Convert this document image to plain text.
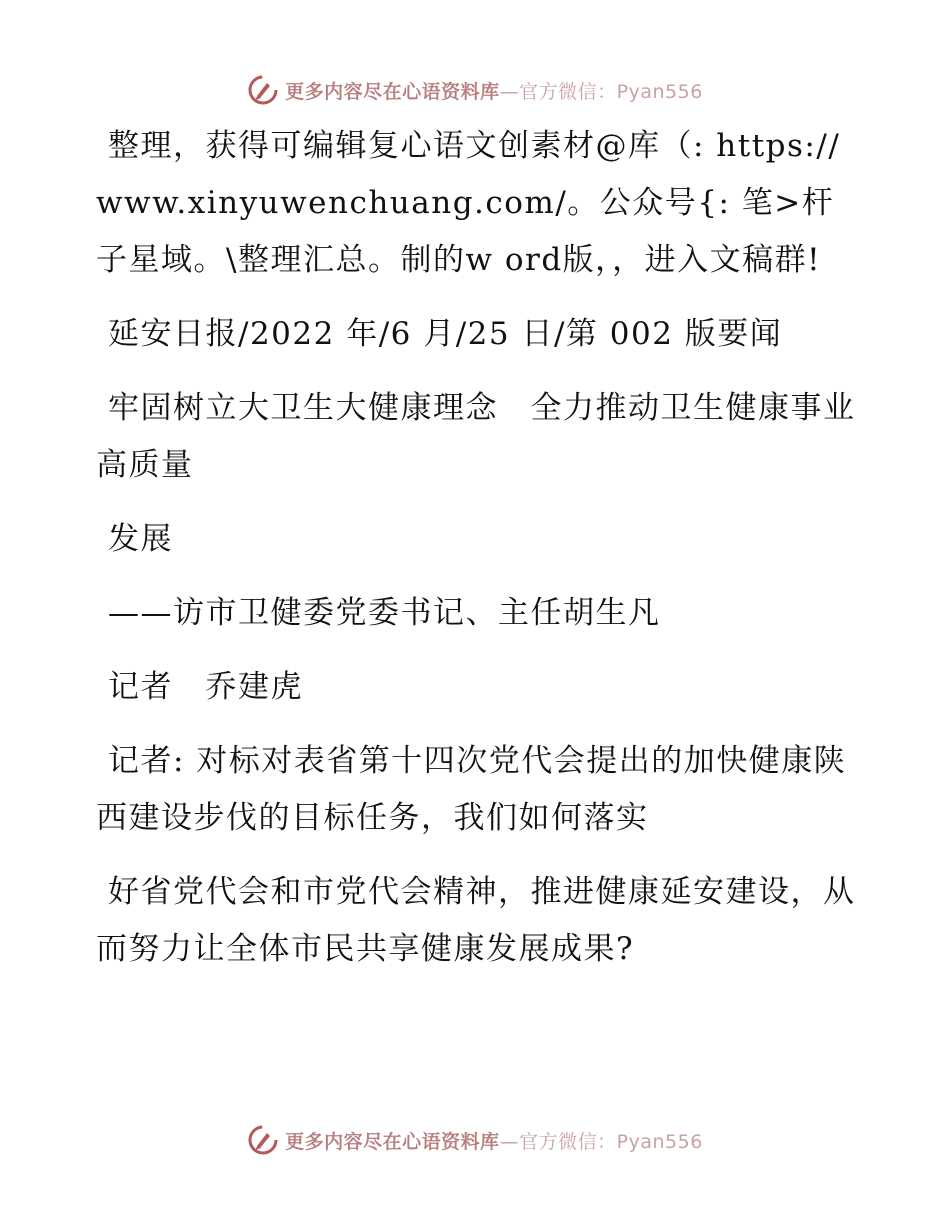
更多内容尽在心语资料库—官方微信：Pyan556

整理，获得可编辑复心语文创素材@库（: https://www.xinyuwenchuang.com/。公众号{: 笔>杆子星域。\整理汇总。制的w ord版，，进入文稿群!

延安日报/2022 年/6 月/25 日/第 002 版要闻

牢固树立大卫生大健康理念　全力推动卫生健康事业高质量

发展

——访市卫健委党委书记、主任胡生凡

记者　乔建虎

记者: 对标对表省第十四次党代会提出的加快健康陕西建设步伐的目标任务，我们如何落实

好省党代会和市党代会精神，推进健康延安建设，从而努力让全体市民共享健康发展成果?

更多内容尽在心语资料库—官方微信：Pyan556
